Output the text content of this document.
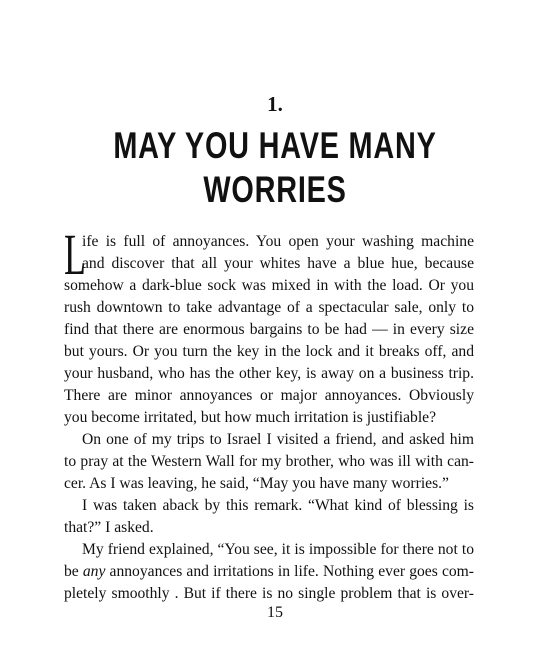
1.
MAY YOU HAVE MANY WORRIES
L
ife is full of annoyances. You open your washing machine
and discover that all your whites have a blue hue, because
somehow a dark-blue sock was mixed in with the load. Or you
rush downtown to take advantage of a spectacular sale, only to
find that there are enormous bargains to be had — in every size
but yours. Or you turn the key in the lock and it breaks off, and
your husband, who has the other key, is away on a business trip.
There are minor annoyances or major annoyances. Obviously
you become irritated, but how much irritation is justifiable?
On one of my trips to Israel I visited a friend, and asked him
to pray at the Western Wall for my brother, who was ill with can-
cer. As I was leaving, he said, “May you have many worries.”
I was taken aback by this remark. “What kind of blessing is
that?” I asked.
My friend explained, “You see, it is impossible for there not to
be any annoyances and irritations in life. Nothing ever goes com-
pletely smoothly . But if there is no single problem that is over-
15
